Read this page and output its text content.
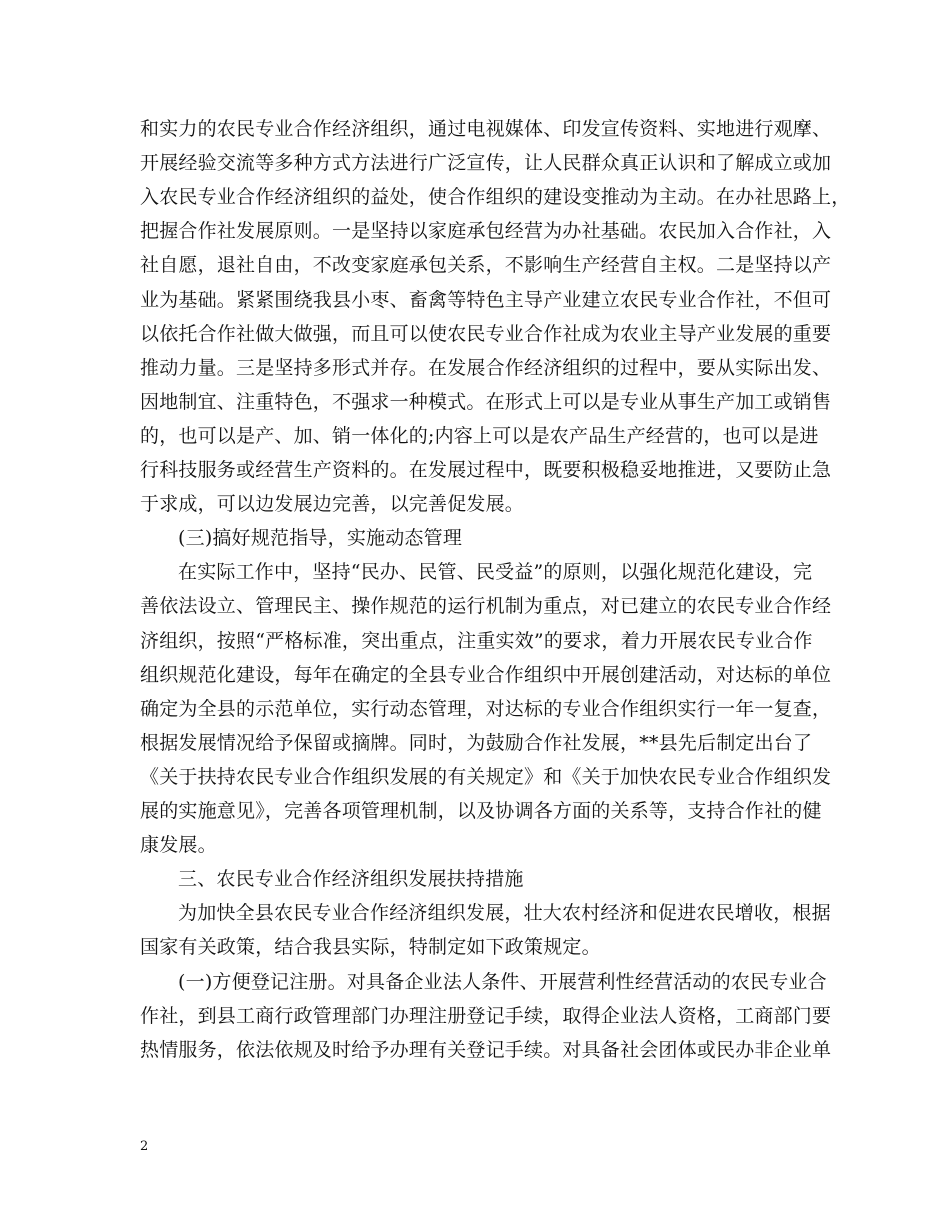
和实力的农民专业合作经济组织，通过电视媒体、印发宣传资料、实地进行观摩、
开展经验交流等多种方式方法进行广泛宣传，让人民群众真正认识和了解成立或加
入农民专业合作经济组织的益处，使合作组织的建设变推动为主动。在办社思路上，
把握合作社发展原则。一是坚持以家庭承包经营为办社基础。农民加入合作社，入
社自愿，退社自由，不改变家庭承包关系，不影响生产经营自主权。二是坚持以产
业为基础。紧紧围绕我县小枣、畜禽等特色主导产业建立农民专业合作社，不但可
以依托合作社做大做强，而且可以使农民专业合作社成为农业主导产业发展的重要
推动力量。三是坚持多形式并存。在发展合作经济组织的过程中，要从实际出发、
因地制宜、注重特色，不强求一种模式。在形式上可以是专业从事生产加工或销售
的，也可以是产、加、销一体化的;内容上可以是农产品生产经营的，也可以是进
行科技服务或经营生产资料的。在发展过程中，既要积极稳妥地推进，又要防止急
于求成，可以边发展边完善，以完善促发展。
(三)搞好规范指导，实施动态管理
在实际工作中，坚持“民办、民管、民受益”的原则，以强化规范化建设，完
善依法设立、管理民主、操作规范的运行机制为重点，对已建立的农民专业合作经
济组织，按照“严格标准，突出重点，注重实效”的要求，着力开展农民专业合作
组织规范化建设，每年在确定的全县专业合作组织中开展创建活动，对达标的单位
确定为全县的示范单位，实行动态管理，对达标的专业合作组织实行一年一复查，
根据发展情况给予保留或摘牌。同时，为鼓励合作社发展，**县先后制定出台了
《关于扶持农民专业合作组织发展的有关规定》和《关于加快农民专业合作组织发
展的实施意见》，完善各项管理机制，以及协调各方面的关系等，支持合作社的健
康发展。
三、农民专业合作经济组织发展扶持措施
为加快全县农民专业合作经济组织发展，壮大农村经济和促进农民增收，根据
国家有关政策，结合我县实际，特制定如下政策规定。
(一)方便登记注册。对具备企业法人条件、开展营利性经营活动的农民专业合
作社，到县工商行政管理部门办理注册登记手续，取得企业法人资格，工商部门要
热情服务，依法依规及时给予办理有关登记手续。对具备社会团体或民办非企业单
2
